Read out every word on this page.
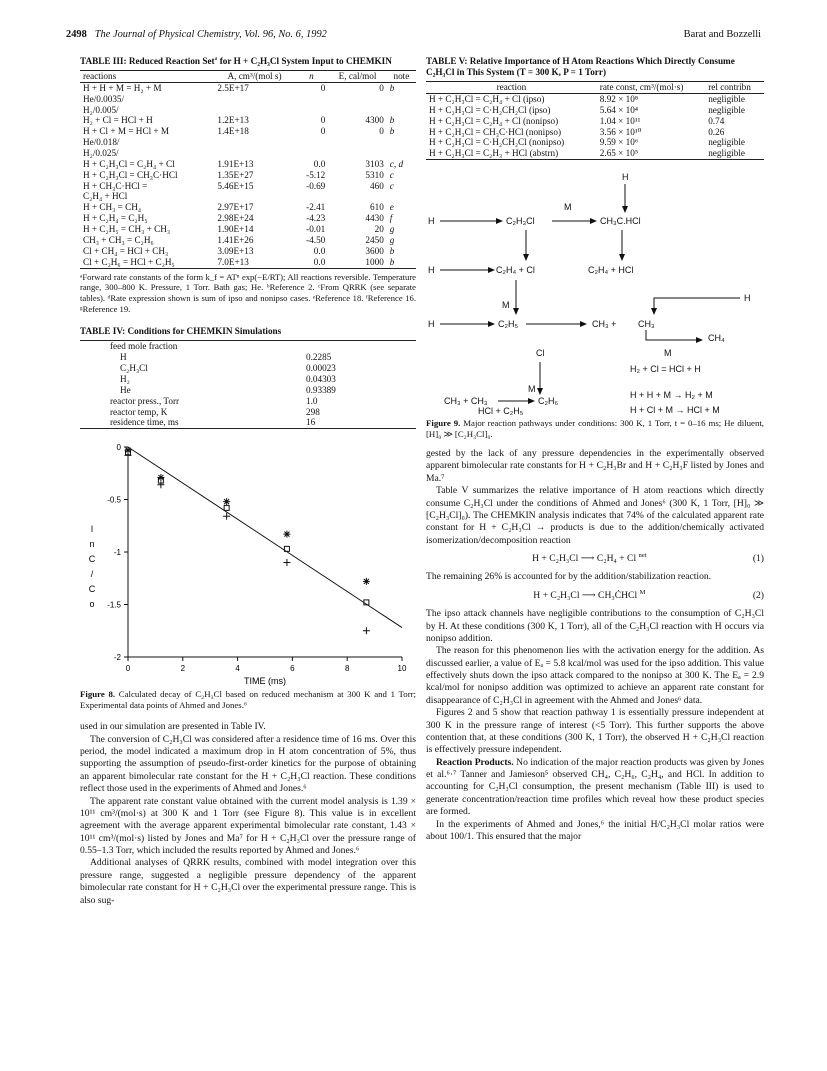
2498 The Journal of Physical Chemistry, Vol. 96, No. 6, 1992	Barat and Bozzelli
TABLE III: Reduced Reaction Set$^a$ for H + C₂H₃Cl System Input to CHEMKIN
reactions	A, cm³/(mol s)	n	E, cal/mol	note
H + H + M = H₂ + M	2.5E+17	0	0	b
He/0.0035/				
H₂/0.005/				
H₂ + Cl = HCl + H	1.2E+13	0	4300	b
H + Cl + M = HCl + M	1.4E+18	0	0	b
He/0.018/				
H₂/0.025/				
H + C₂H₃Cl = C₂H₄ + Cl	1.91E+13	0.0	3103	c, d
H + C₂H₃Cl = CH₃C·HCl	1.35E+27	-5.12	5310	c
H + CH₃C·HCl =	5.46E+15	-0.69	460	c
C₂H₄ + HCl				
H + CH₃ = CH₄	2.97E+17	-2.41	610	e
H + C₂H₄ = C₂H₅	2.98E+24	-4.23	4430	f
H + C₂H₅ = CH₃ + CH₃	1.90E+14	-0.01	20	g
CH₃ + CH₃ = C₂H₆	1.41E+26	-4.50	2450	g
Cl + CH₄ = HCl + CH₃	3.09E+13	0.0	3600	b
Cl + C₂H₆ = HCl + C₂H₅	7.0E+13	0.0	1000	b
ᵃForward rate constants of the form k_f = ATⁿ exp(−E/RT); All reactions reversible. Temperature range, 300–800 K. Pressure, 1 Torr. Bath gas; He. ᵇReference 2. ᶜFrom QRRK (see separate tables). ᵈRate expression shown is sum of ipso and nonipso cases. ᵉReference 18. ᶠReference 16. ᵍReference 19.
TABLE IV: Conditions for CHEMKIN Simulations
feed mole fraction	
H	0.2285
C₂H₃Cl	0.00023
H₂	0.04303
He	0.93389
reactor press., Torr	1.0
reactor temp, K	298
residence time, ms	16
0	2	4	6	8	10
0
-0.5
-1
-1.5
-2
TIME (ms)
l
n
C
/
C
o
Figure 8. Calculated decay of C₂H₃Cl based on reduced mechanism at 300 K and 1 Torr; Experimental data points of Ahmed and Jones.⁶

used in our simulation are presented in Table IV.

The conversion of C₂H₃Cl was considered after a residence time of 16 ms. Over this period, the model indicated a maximum drop in H atom concentration of 5%, thus supporting the assumption of pseudo-first-order kinetics for the purpose of obtaining an apparent bimolecular rate constant for the H + C₂H₃Cl reaction. These conditions reflect those used in the experiments of Ahmed and Jones.⁶

The apparent rate constant value obtained with the current model analysis is 1.39 × 10¹¹ cm³/(mol·s) at 300 K and 1 Torr (see Figure 8). This value is in excellent agreement with the average apparent experimental bimolecular rate constant, 1.43 × 10¹¹ cm³/(mol·s) listed by Jones and Ma⁷ for H + C₂H₃Cl over the pressure range of 0.55–1.3 Torr, which included the results reported by Ahmed and Jones.⁶

Additional analyses of QRRK results, combined with model integration over this pressure range, suggested a negligible pressure dependency of the apparent bimolecular rate constant for H + C₂H₃Cl over the experimental pressure range. This is also sug-

TABLE V: Relative Importance of H Atom Reactions Which Directly Consume C₂H₃Cl in This System (T = 300 K, P = 1 Torr)
reaction	rate const, cm³/(mol·s)	rel contribn
H + C₂H₃Cl = C₂H₄ + Cl (ipso)	8.92 × 10⁸	negligible
H + C₂H₃Cl = C·H₂CH₂Cl (ipso)	5.64 × 10⁴	negligible
H + C₂H₃Cl = C₂H₄ + Cl (nonipso)	1.04 × 10¹¹	0.74
H + C₂H₃Cl = CH₃C·HCl (nonipso)	3.56 × 10¹⁰	0.26
H + C₂H₃Cl = C·H₂CH₂Cl (nonipso)	9.59 × 10⁶	negligible
H + C₂H₃Cl = C₂H₃ + HCl (abstrn)	2.65 × 10⁵	negligible
H
M
H	C₂H₃Cl	CH₃C.HCl
H	C₂H₄ + Cl	C₂H₄ + HCl
M
H
H	C₂H₅	CH₃ + CH₃
CH₄
M
Cl
M
CH₃ + CH₃	C₂H₆
HCl + C₂H₅
H₂ + Cl = HCl + H
H + H + M → H₂ + M
H + Cl + M → HCl + M
Figure 9. Major reaction pathways under conditions: 300 K, 1 Torr, t = 0–16 ms; He diluent, [H]₀ ≫ [C₂H₃Cl]₀.

gested by the lack of any pressure dependencies in the experimentally observed apparent bimolecular rate constants for H + C₂H₃Br and H + C₂H₃F listed by Jones and Ma.⁷

Table V summarizes the relative importance of H atom reactions which directly consume C₂H₃Cl under the conditions of Ahmed and Jones⁶ (300 K, 1 Torr, [H]₀ ≫ [C₂H₃Cl]₀). The CHEMKIN analysis indicates that 74% of the calculated apparent rate constant for H + C₂H₃Cl → products is due to the addition/chemically activated isomerization/decomposition reaction

H + C₂H₃Cl ⟶ C₂H₄ + Cl $^{net}$	(1)

The remaining 26% is accounted for by the addition/stabilization reaction.

H + C₂H₃Cl ⟶ CH₃ĊHCl $^M$	(2)

The ipso attack channels have negligible contributions to the consumption of C₂H₃Cl by H. At these conditions (300 K, 1 Torr), all of the C₂H₃Cl reaction with H occurs via nonipso addition.

The reason for this phenomenon lies with the activation energy for the addition. As discussed earlier, a value of Eₐ = 5.8 kcal/mol was used for the ipso addition. This value effectively shuts down the ipso attack compared to the nonipso at 300 K. The Eₐ = 2.9 kcal/mol for nonipso addition was optimized to achieve an apparent rate constant for disappearance of C₂H₃Cl in agreement with the Ahmed and Jones⁶ data.

Figures 2 and 5 show that reaction pathway 1 is essentially pressure independent at 300 K in the pressure range of interest (<5 Torr). This further supports the above contention that, at these conditions (300 K, 1 Torr), the observed H + C₂H₃Cl reaction is effectively pressure independent.

Reaction Products. No indication of the major reaction products was given by Jones et al.⁶·⁷ Tanner and Jamieson⁵ observed CH₄, C₂H₆, C₂H₄, and HCl. In addition to accounting for C₂H₃Cl consumption, the present mechanism (Table III) is used to generate concentration/reaction time profiles which reveal how these product species are formed.

In the experiments of Ahmed and Jones,⁶ the initial H/C₂H₃Cl molar ratios were about 100/1. This ensured that the major
